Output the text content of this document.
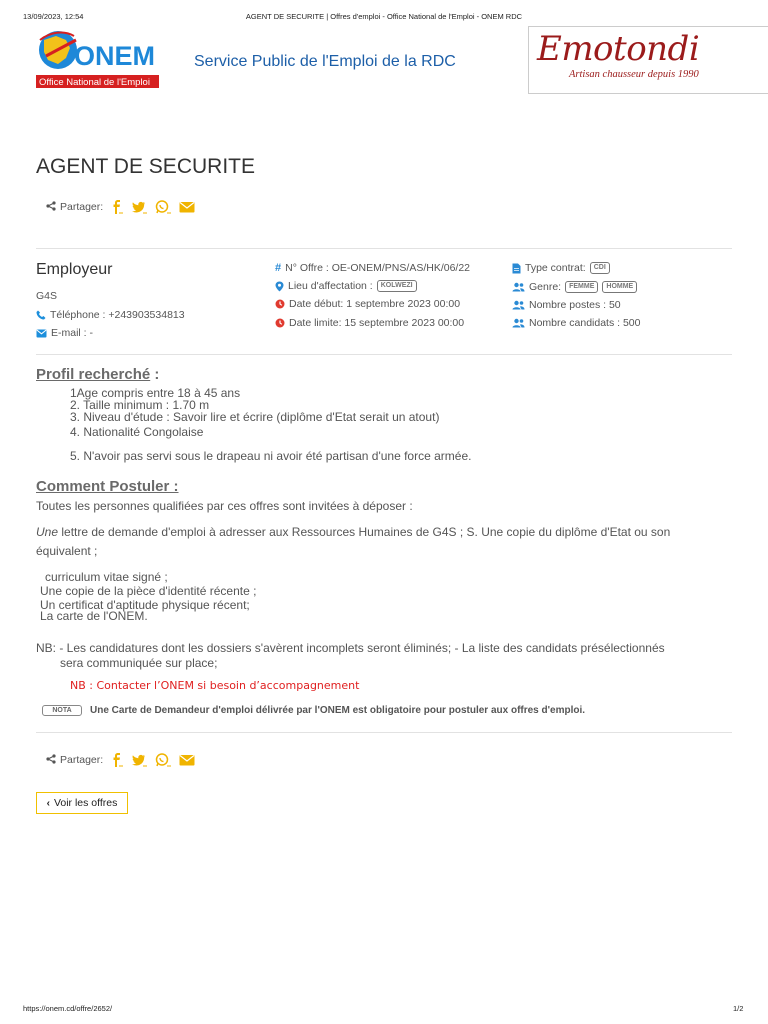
13/09/2023, 12:54	AGENT DE SECURITE | Offres d'emploi - Office National de l'Emploi - ONEM RDC
ONEM
Office National de l'Emploi
Service Public de l'Emploi de la RDC Emotondi
Artisan chausseur depuis 1990
AGENT DE SECURITE
Partager:
Employeur
G4S
Téléphone : +243903534813
E-mail : -
# N° Offre : OE-ONEM/PNS/AS/HK/06/22
Lieu d'affectation :	KOLWEZI
Date début: 1 septembre 2023 00:00
Date limite: 15 septembre 2023 00:00
Type contrat:	CDI
Genre:	FEMME	HOMME
Nombre postes : 50
Nombre candidats : 500
Profil recherché :
1Age compris entre 18 à 45 ans
2. Taille minimum : 1.70 m
3. Niveau d'étude : Savoir lire et écrire (diplôme d'Etat serait un atout)
4. Nationalité Congolaise
5. N'avoir pas servi sous le drapeau ni avoir été partisan d'une force armée.
Comment Postuler :
Toutes les personnes qualifiées par ces offres sont invitées à déposer :
Une lettre de demande d'emploi à adresser aux Ressources Humaines de G4S ; S. Une copie du diplôme d'Etat ou son
équivalent ;
curriculum vitae signé ;
Une copie de la pièce d'identité récente ;
Un certificat d'aptitude physique récent;
La carte de l'ONEM.
NB: - Les candidatures dont les dossiers s'avèrent incomplets seront éliminés; - La liste des candidats présélectionnés
sera communiquée sur place;
NB : Contacter l’ONEM si besoin d’accompagnement
NOTA	Une Carte de Demandeur d'emploi délivrée par l'ONEM est obligatoire pour postuler aux offres d'emploi.
Partager:
‹ Voir les offres
https://onem.cd/offre/2652/	1/2
